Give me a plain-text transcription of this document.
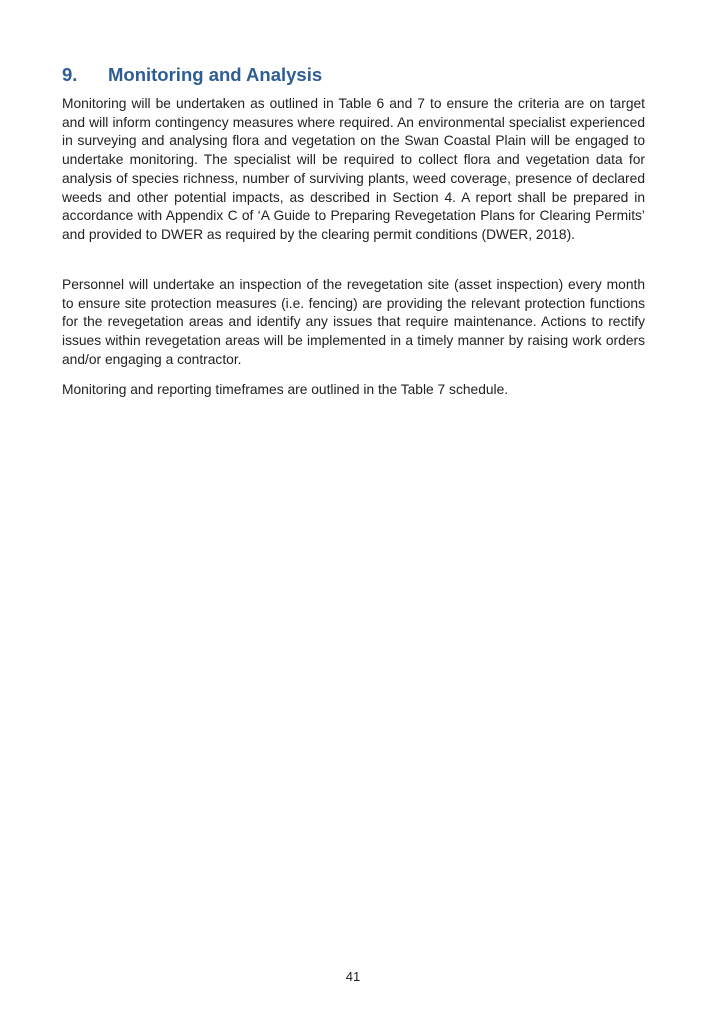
9. Monitoring and Analysis

Monitoring will be undertaken as outlined in Table 6 and 7 to ensure the criteria are on target and will inform contingency measures where required. An environmental specialist experienced in surveying and analysing flora and vegetation on the Swan Coastal Plain will be engaged to undertake monitoring. The specialist will be required to collect flora and vegetation data for analysis of species richness, number of surviving plants, weed coverage, presence of declared weeds and other potential impacts, as described in Section 4. A report shall be prepared in accordance with Appendix C of ‘A Guide to Preparing Revegetation Plans for Clearing Permits’ and provided to DWER as required by the clearing permit conditions (DWER, 2018).

Personnel will undertake an inspection of the revegetation site (asset inspection) every month to ensure site protection measures (i.e. fencing) are providing the relevant protection functions for the revegetation areas and identify any issues that require maintenance. Actions to rectify issues within revegetation areas will be implemented in a timely manner by raising work orders and/or engaging a contractor.

Monitoring and reporting timeframes are outlined in the Table 7 schedule.

41
